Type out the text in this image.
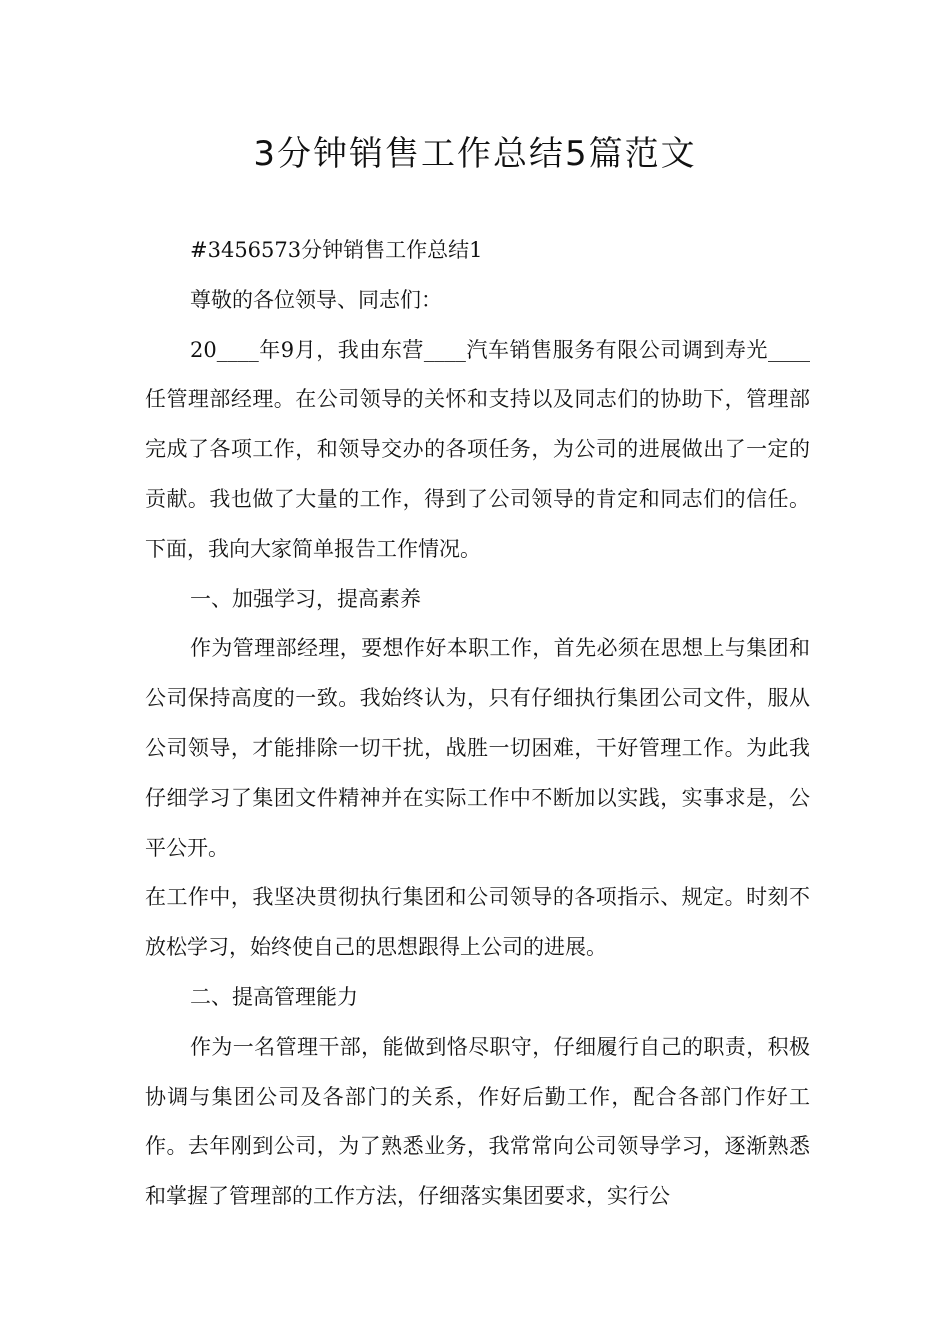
3分钟销售工作总结5篇范文

#3456573分钟销售工作总结1

尊敬的各位领导、同志们：

20____年9月，我由东营____汽车销售服务有限公司调到寿光____任管理部经理。在公司领导的关怀和支持以及同志们的协助下，管理部完成了各项工作，和领导交办的各项任务，为公司的进展做出了一定的贡献。我也做了大量的工作，得到了公司领导的肯定和同志们的信任。下面，我向大家简单报告工作情况。

一、加强学习，提高素养

作为管理部经理，要想作好本职工作，首先必须在思想上与集团和公司保持高度的一致。我始终认为，只有仔细执行集团公司文件，服从公司领导，才能排除一切干扰，战胜一切困难，干好管理工作。为此我仔细学习了集团文件精神并在实际工作中不断加以实践，实事求是，公平公开。

在工作中，我坚决贯彻执行集团和公司领导的各项指示、规定。时刻不放松学习，始终使自己的思想跟得上公司的进展。

二、提高管理能力

作为一名管理干部，能做到恪尽职守，仔细履行自己的职责，积极协调与集团公司及各部门的关系，作好后勤工作，配合各部门作好工作。去年刚到公司，为了熟悉业务，我常常向公司领导学习，逐渐熟悉和掌握了管理部的工作方法，仔细落实集团要求，实行公
